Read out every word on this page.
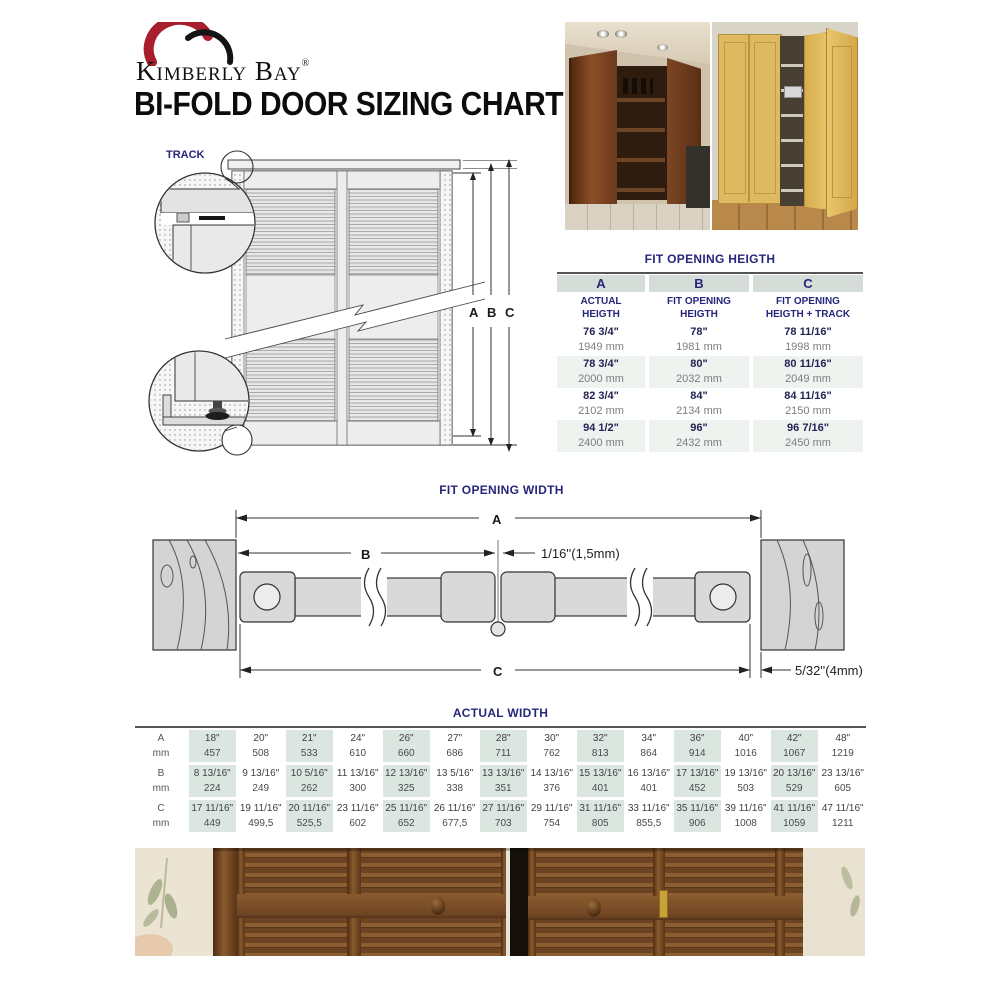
Kimberly Bay®
BI-FOLD DOOR SIZING CHART
TRACK
A B C
FIT OPENING HEIGTH
A	B	C
ACTUAL
HEIGTH
FIT OPENING
HEIGTH
FIT OPENING
HEIGTH + TRACK
76 3/4"
1949 mm
78"
1981 mm
78 11/16"
1998 mm
78 3/4"
2000 mm
80"
2032 mm
80 11/16"
2049 mm
82 3/4"
2102 mm
84"
2134 mm
84 11/16"
2150 mm
94 1/2"
2400 mm
96"
2432 mm
96 7/16"
2450 mm
FIT OPENING WIDTH
A
B
C
1/16''(1,5mm)
5/32''(4mm)
ACTUAL WIDTH
A
mm
18"
457
20"
508
21"
533
24"
610
26"
660
27"
686
28"
711
30"
762
32"
813
34"
864
36"
914
40"
1016
42"
1067
48"
1219
B
mm
8 13/16"
224
9 13/16"
249
10 5/16"
262
11 13/16"
300
12 13/16"
325
13 5/16"
338
13 13/16"
351
14 13/16"
376
15 13/16"
401
16 13/16"
401
17 13/16"
452
19 13/16"
503
20 13/16"
529
23 13/16"
605
C
mm
17 11/16"
449
19 11/16"
499,5
20 11/16"
525,5
23 11/16"
602
25 11/16"
652
26 11/16"
677,5
27 11/16"
703
29 11/16"
754
31 11/16"
805
33 11/16"
855,5
35 11/16"
906
39 11/16"
1008
41 11/16"
1059
47 11/16"
1211
